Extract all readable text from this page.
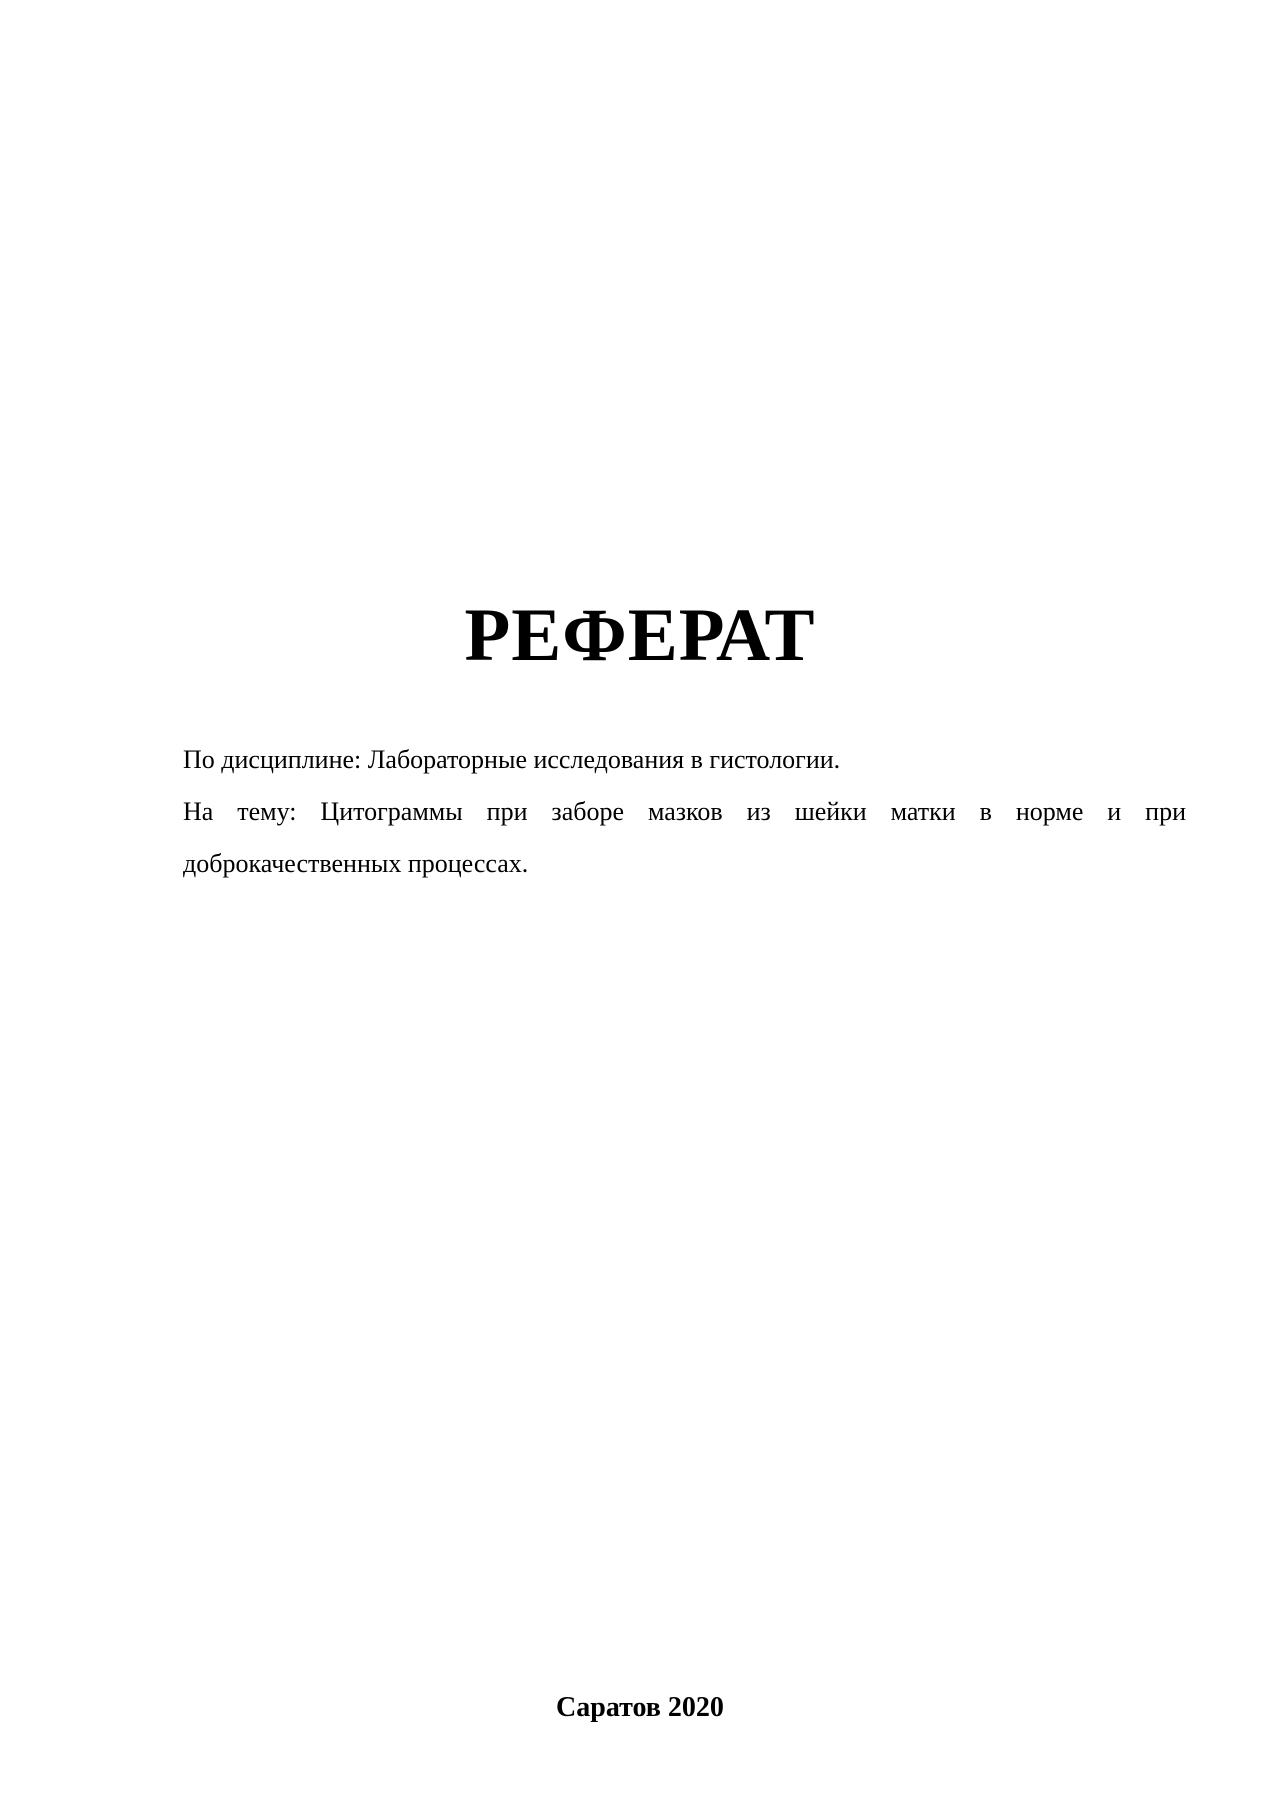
РЕФЕРАТ

По дисциплине: Лабораторные исследования в гистологии.

На тему: Цитограммы при заборе мазков из шейки матки в норме и при доброкачественных процессах.

Саратов 2020
